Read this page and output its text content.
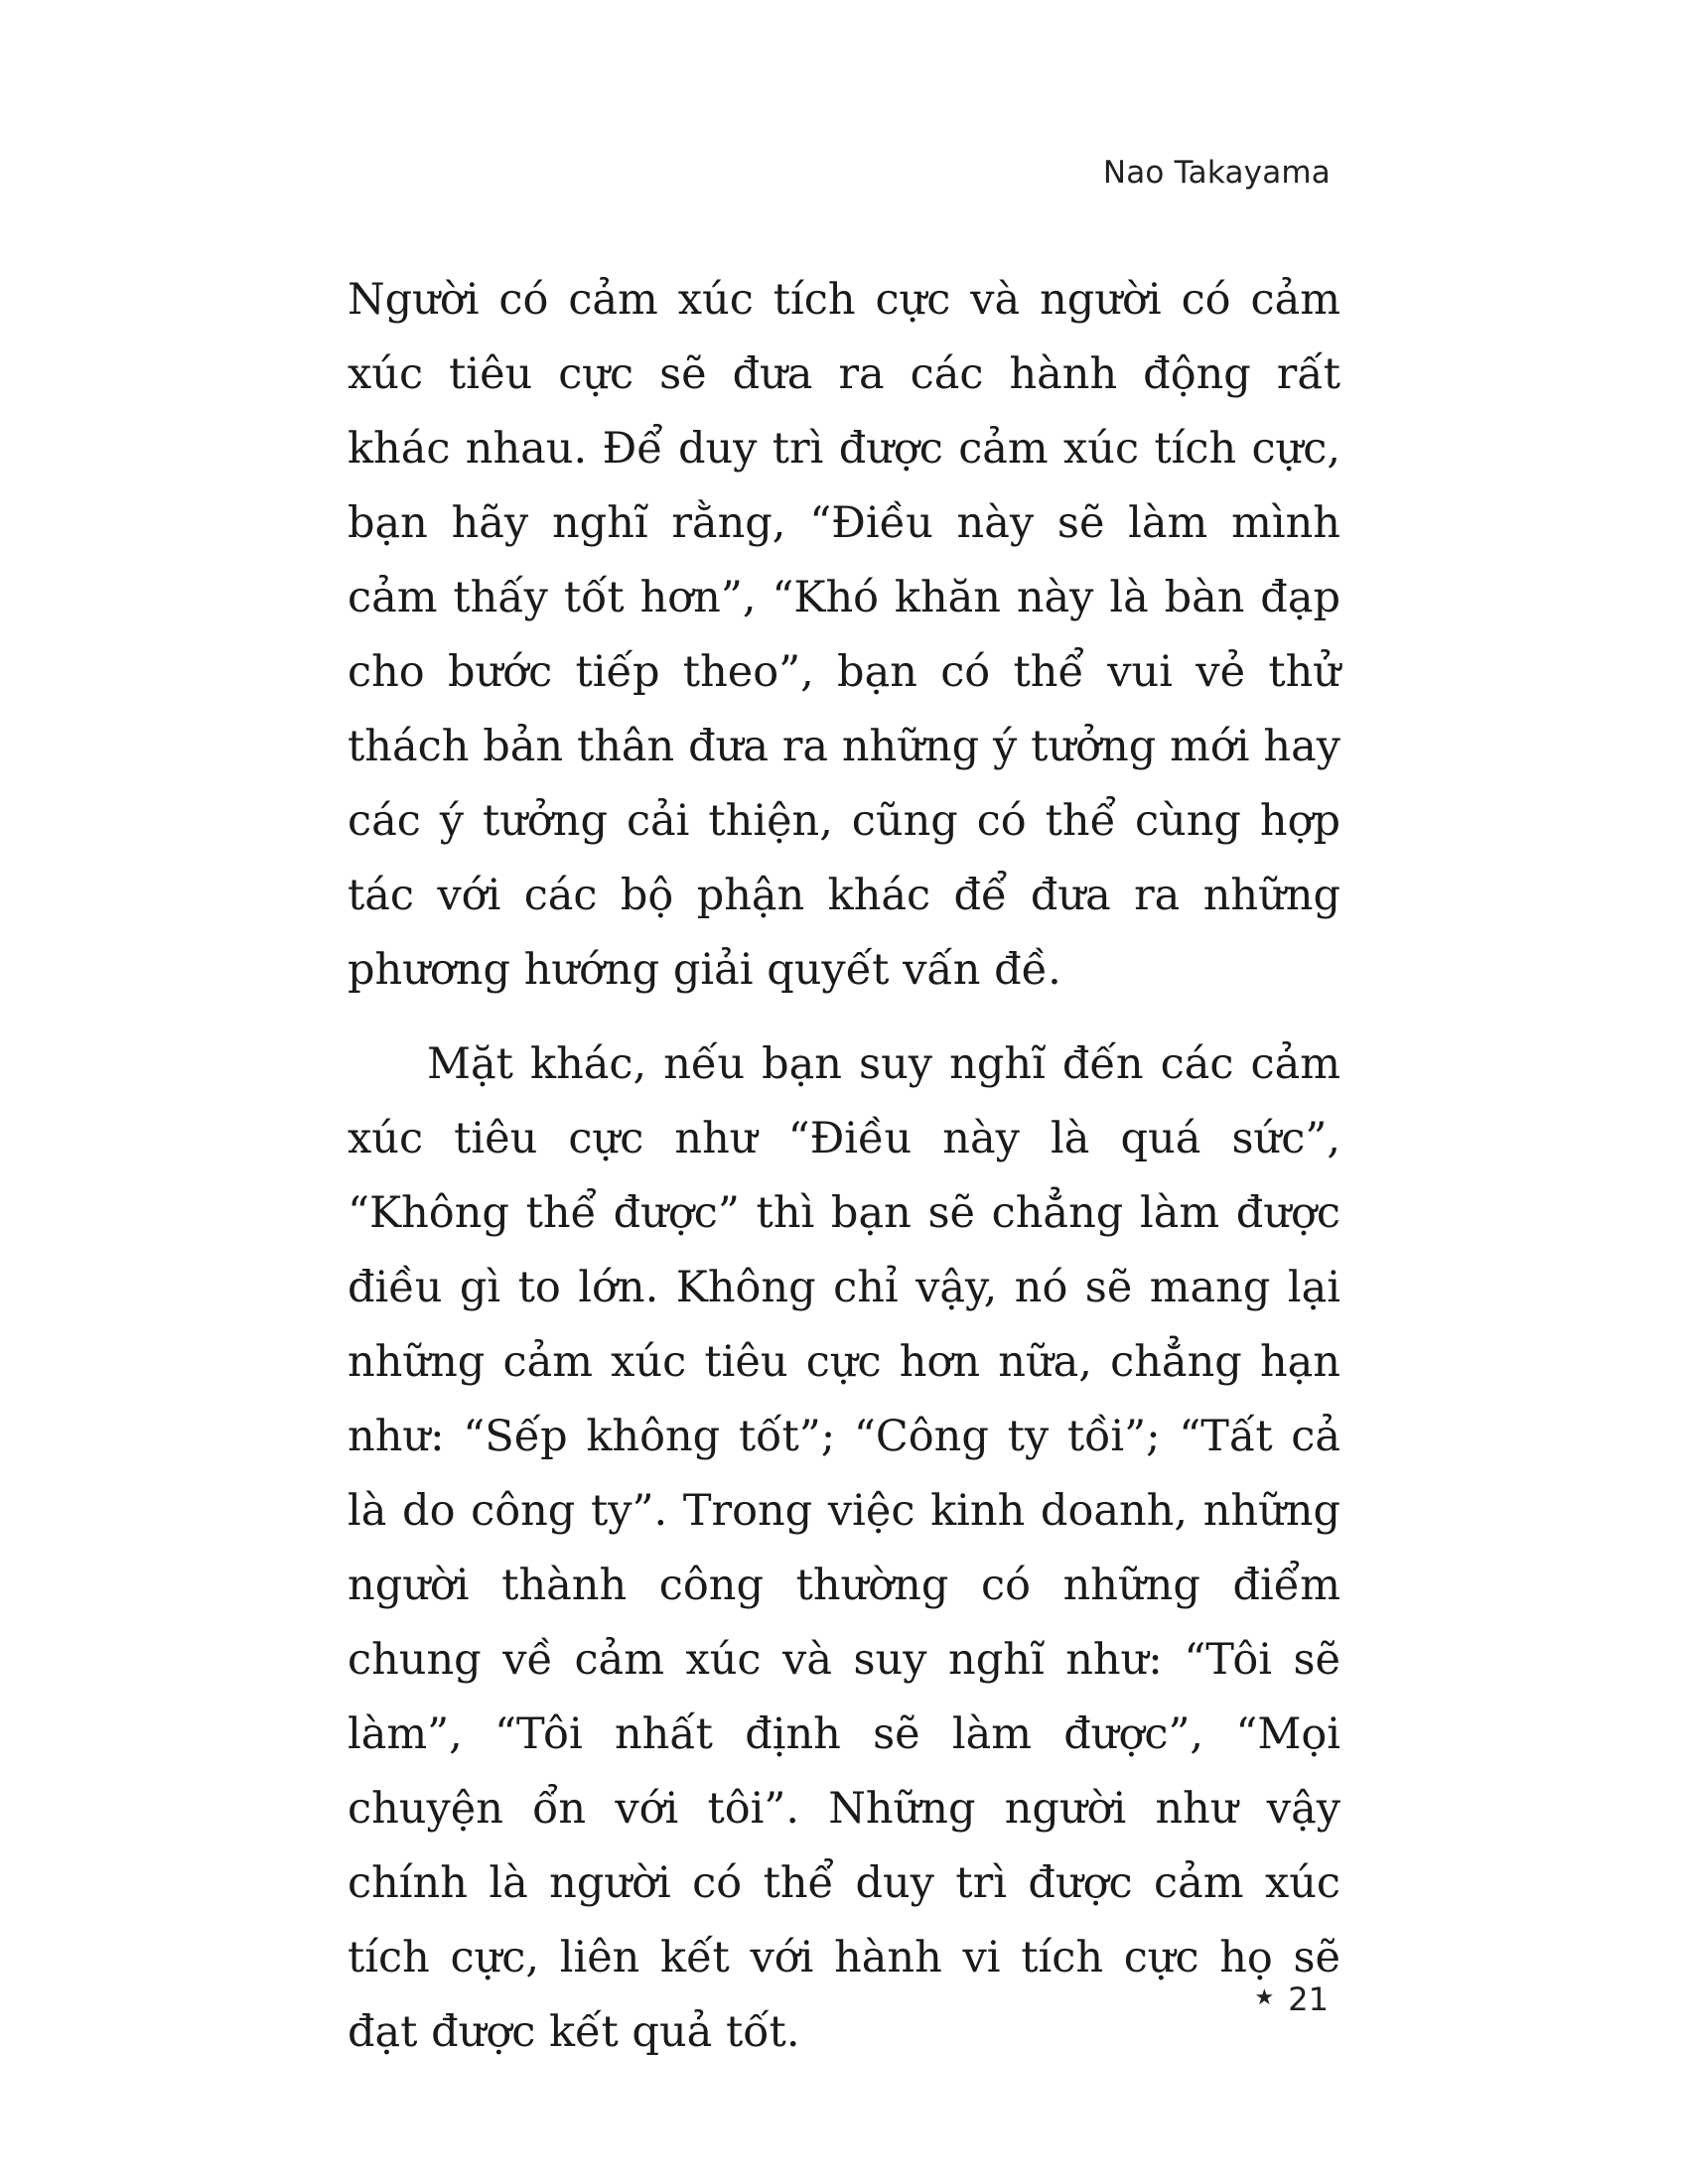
Nao Takayama

Người có cảm xúc tích cực và người có cảm xúc tiêu cực sẽ đưa ra các hành động rất khác nhau. Để duy trì được cảm xúc tích cực, bạn hãy nghĩ rằng, “Điều này sẽ làm mình cảm thấy tốt hơn”, “Khó khăn này là bàn đạp cho bước tiếp theo”, bạn có thể vui vẻ thử thách bản thân đưa ra những ý tưởng mới hay các ý tưởng cải thiện, cũng có thể cùng hợp tác với các bộ phận khác để đưa ra những phương hướng giải quyết vấn đề.

Mặt khác, nếu bạn suy nghĩ đến các cảm xúc tiêu cực như “Điều này là quá sức”, “Không thể được” thì bạn sẽ chẳng làm được điều gì to lớn. Không chỉ vậy, nó sẽ mang lại những cảm xúc tiêu cực hơn nữa, chẳng hạn như: “Sếp không tốt”; “Công ty tồi”; “Tất cả là do công ty”. Trong việc kinh doanh, những người thành công thường có những điểm chung về cảm xúc và suy nghĩ như: “Tôi sẽ làm”, “Tôi nhất định sẽ làm được”, “Mọi chuyện ổn với tôi”. Những người như vậy chính là người có thể duy trì được cảm xúc tích cực, liên kết với hành vi tích cực họ sẽ đạt được kết quả tốt.

★ 21
